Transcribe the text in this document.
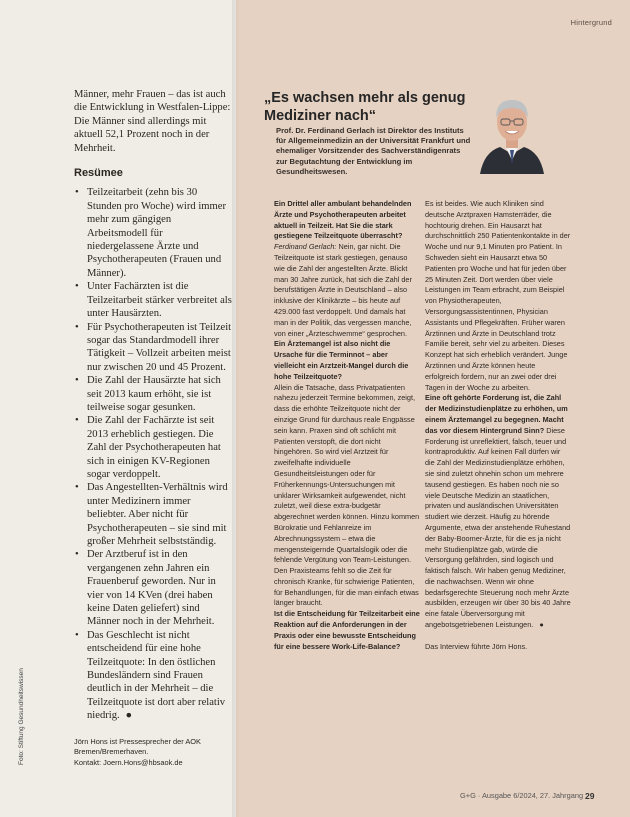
Foto: Stiftung Gesundheitswissen

Männer, mehr Frauen – das ist auch die Entwicklung in Westfalen-Lippe: Die Männer sind allerdings mit aktuell 52,1 Prozent noch in der Mehrheit.

Resümee
• Teilzeitarbeit (zehn bis 30 Stunden pro Woche) wird immer mehr zum gängigen Arbeitsmodell für niedergelassene Ärzte und Psychotherapeuten (Frauen und Männer).
• Unter Fachärzten ist die Teilzeitarbeit stärker verbreitet als unter Hausärzten.
• Für Psychotherapeuten ist Teilzeit sogar das Standardmodell ihrer Tätigkeit – Vollzeit arbeiten meist nur zwischen 20 und 45 Prozent.
• Die Zahl der Hausärzte hat sich seit 2013 kaum erhöht, sie ist teilweise sogar gesunken.
• Die Zahl der Fachärzte ist seit 2013 erheblich gestiegen. Die Zahl der Psychotherapeuten hat sich in einigen KV-Regionen sogar verdoppelt.
• Das Angestellten-Verhältnis wird unter Medizinern immer beliebter. Aber nicht für Psychotherapeuten – sie sind mit großer Mehrheit selbstständig.
• Der Arztberuf ist in den vergangenen zehn Jahren ein Frauenberuf geworden. Nur in vier von 14 KVen (drei haben keine Daten geliefert) sind Männer noch in der Mehrheit.
• Das Geschlecht ist nicht entscheidend für eine hohe Teilzeitquote: In den östlichen Bundesländern sind Frauen deutlich in der Mehrheit – die Teilzeitquote ist dort aber relativ niedrig. ●

Jörn Hons ist Pressesprecher der AOK Bremen/Bremerhaven.
Kontakt: Joern.Hons@hbsaok.de

Hintergrund
„Es wachsen mehr als genug Mediziner nach“

Prof. Dr. Ferdinand Gerlach ist Direktor des Instituts für Allgemeinmedizin an der Universität Frankfurt und ehemaliger Vorsitzender des Sachverständigenrats zur Begutachtung der Entwicklung im Gesundheitswesen.

Ein Drittel aller ambulant behandelnden Ärzte und Psychotherapeuten arbeitet aktuell in Teilzeit. Hat Sie die stark gestiegene Teilzeitquote überrascht?
Ferdinand Gerlach: Nein, gar nicht. Die Teilzeitquote ist stark gestiegen, genauso wie die Zahl der angestellten Ärzte. Blickt man 30 Jahre zurück, hat sich die Zahl der berufstätigen Ärzte in Deutschland – also inklusive der Klinikärzte – bis heute auf 429.000 fast verdoppelt. Und damals hat man in der Politik, das vergessen manche, von einer „Ärzteschwemme“ gesprochen.
Ein Ärztemangel ist also nicht die Ursache für die Terminnot – aber vielleicht ein Arztzeit-Mangel durch die hohe Teilzeitquote?
Allein die Tatsache, dass Privatpatienten nahezu jederzeit Termine bekommen, zeigt, dass die erhöhte Teilzeitquote nicht der einzige Grund für durchaus reale Engpässe sein kann. Praxen sind oft schlicht mit Patienten verstopft, die dort nicht hingehören. So wird viel Arztzeit für zweifelhafte individuelle Gesundheitsleistungen oder für Früherkennungs-Untersuchungen mit unklarer Wirksamkeit aufgewendet, nicht zuletzt, weil diese extra-budgetär abgerechnet werden können. Hinzu kommen Bürokratie und Fehlanreize im Abrechnungssystem – etwa die mengensteigernde Quartalslogik oder die fehlende Vergütung von Team-Leistungen. Den Praxisteams fehlt so die Zeit für chronisch Kranke, für schwierige Patienten, für Behandlungen, für die man einfach etwas länger braucht.
Ist die Entscheidung für Teilzeitarbeit eine Reaktion auf die Anforderungen in der Praxis oder eine bewusste Entscheidung für eine bessere Work-Life-Balance?

Es ist beides. Wie auch Kliniken sind deutsche Arztpraxen Hamsterräder, die hochtourig drehen. Ein Hausarzt hat durchschnittlich 250 Patientenkontakte in der Woche und nur 9,1 Minuten pro Patient. In Schweden sieht ein Hausarzt etwa 50 Patienten pro Woche und hat für jeden über 25 Minuten Zeit. Dort werden über viele Leistungen im Team erbracht, zum Beispiel von Physiotherapeuten, Versorgungsassistentinnen, Physician Assistants und Pflegekräften. Früher waren Ärztinnen und Ärzte in Deutschland trotz Familie bereit, sehr viel zu arbeiten. Dieses Konzept hat sich erheblich verändert. Junge Ärztinnen und Ärzte können heute erfolgreich fordern, nur an zwei oder drei Tagen in der Woche zu arbeiten.
Eine oft gehörte Forderung ist, die Zahl der Medizinstudienplätze zu erhöhen, um einem Ärztemangel zu begegnen. Macht das vor diesem Hintergrund Sinn? Diese Forderung ist unreflektiert, falsch, teuer und kontraproduktiv. Auf keinen Fall dürfen wir die Zahl der Medizinstudienplätze erhöhen, sie sind zuletzt ohnehin schon um mehrere tausend gestiegen. Es haben noch nie so viele Deutsche Medizin an staatlichen, privaten und ausländischen Universitäten studiert wie derzeit. Häufig zu hörende Argumente, etwa der anstehende Ruhestand der Baby-Boomer-Ärzte, für die es ja nicht mehr Studienplätze gab, würde die Versorgung gefährden, sind logisch und faktisch falsch. Wir haben genug Mediziner, die nachwachsen. Wenn wir ohne bedarfsgerechte Steuerung noch mehr Ärzte ausbilden, erzeugen wir über 30 bis 40 Jahre eine fatale Überversorgung mit angebotsgetriebenen Leistungen. ●

Das Interview führte Jörn Hons.

G+G · Ausgabe 6/2024, 27. Jahrgang 29
